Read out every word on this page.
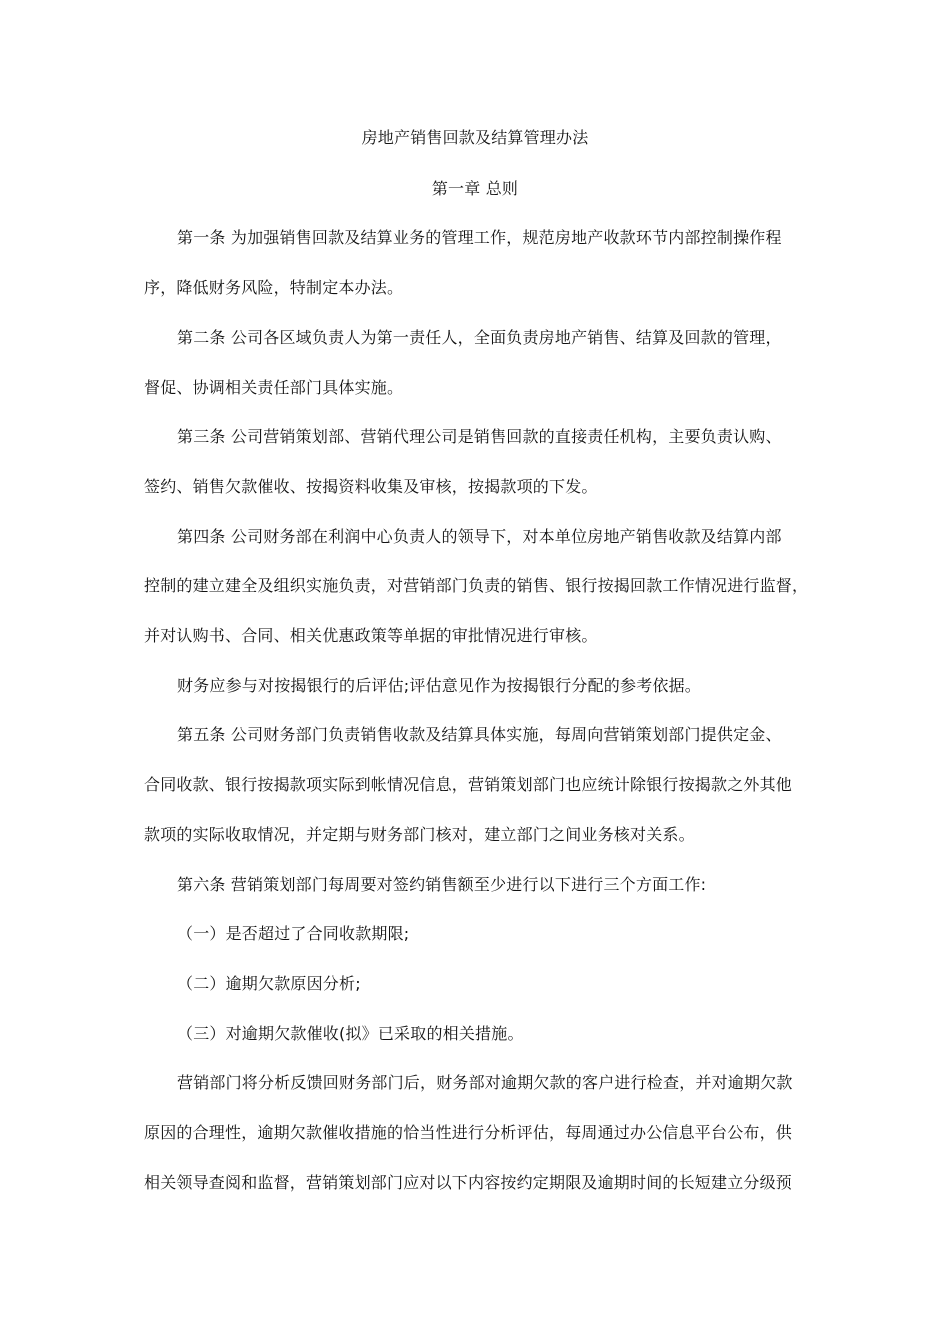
房地产销售回款及结算管理办法
第一章 总则
第一条 为加强销售回款及结算业务的管理工作，规范房地产收款环节内部控制操作程
序，降低财务风险，特制定本办法。
第二条 公司各区域负责人为第一责任人，全面负责房地产销售、结算及回款的管理，
督促、协调相关责任部门具体实施。
第三条 公司营销策划部、营销代理公司是销售回款的直接责任机构，主要负责认购、
签约、销售欠款催收、按揭资料收集及审核，按揭款项的下发。
第四条 公司财务部在利润中心负责人的领导下，对本单位房地产销售收款及结算内部
控制的建立建全及组织实施负责，对营销部门负责的销售、银行按揭回款工作情况进行监督，
并对认购书、合同、相关优惠政策等单据的审批情况进行审核。
财务应参与对按揭银行的后评估;评估意见作为按揭银行分配的参考依据。
第五条 公司财务部门负责销售收款及结算具体实施，每周向营销策划部门提供定金、
合同收款、银行按揭款项实际到帐情况信息，营销策划部门也应统计除银行按揭款之外其他
款项的实际收取情况，并定期与财务部门核对，建立部门之间业务核对关系。
第六条 营销策划部门每周要对签约销售额至少进行以下进行三个方面工作:
（一）是否超过了合同收款期限;
（二）逾期欠款原因分析;
（三）对逾期欠款催收(拟》已采取的相关措施。
营销部门将分析反馈回财务部门后，财务部对逾期欠款的客户进行检查，并对逾期欠款
原因的合理性，逾期欠款催收措施的恰当性进行分析评估，每周通过办公信息平台公布，供
相关领导查阅和监督，营销策划部门应对以下内容按约定期限及逾期时间的长短建立分级预
